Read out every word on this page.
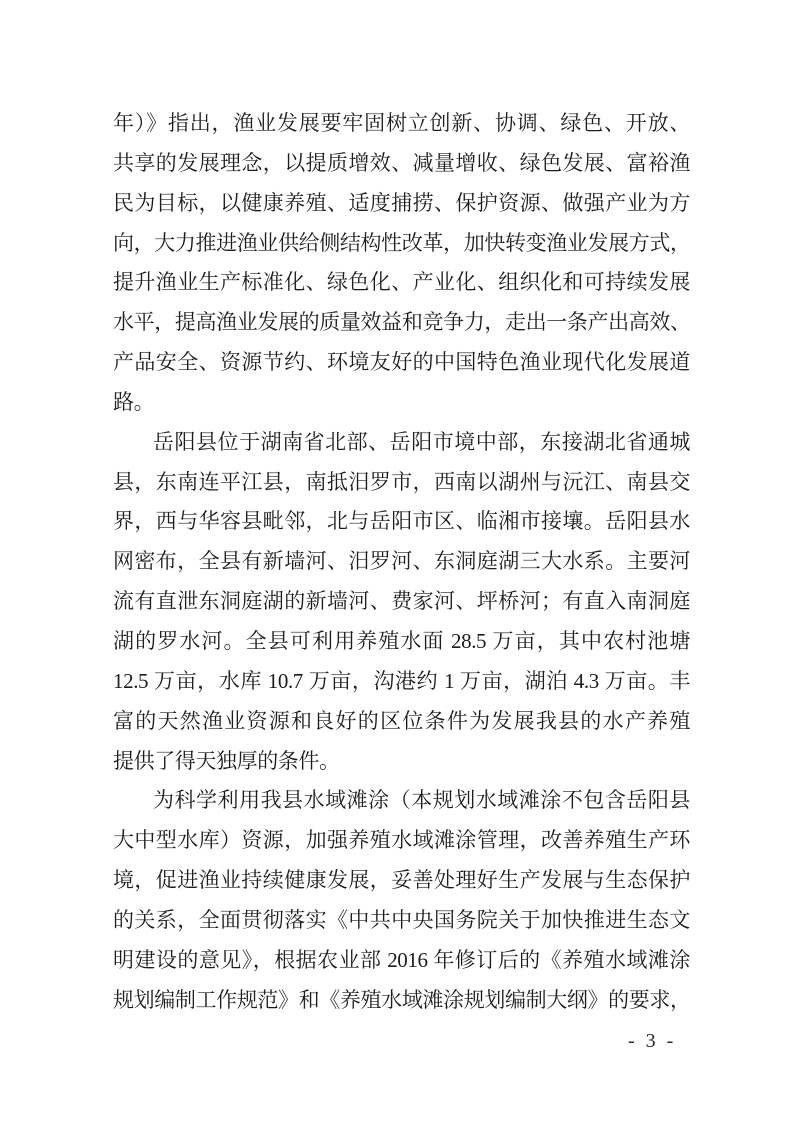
年）》指出，渔业发展要牢固树立创新、协调、绿色、开放、
共享的发展理念，以提质增效、减量增收、绿色发展、富裕渔
民为目标，以健康养殖、适度捕捞、保护资源、做强产业为方
向，大力推进渔业供给侧结构性改革，加快转变渔业发展方式，
提升渔业生产标准化、绿色化、产业化、组织化和可持续发展
水平，提高渔业发展的质量效益和竞争力，走出一条产出高效、
产品安全、资源节约、环境友好的中国特色渔业现代化发展道
路。
岳阳县位于湖南省北部、岳阳市境中部，东接湖北省通城
县，东南连平江县，南抵汨罗市，西南以湖州与沅江、南县交
界，西与华容县毗邻，北与岳阳市区、临湘市接壤。岳阳县水
网密布，全县有新墙河、汨罗河、东洞庭湖三大水系。主要河
流有直泄东洞庭湖的新墙河、费家河、坪桥河；有直入南洞庭
湖的罗水河。全县可利用养殖水面 28.5 万亩，其中农村池塘
12.5 万亩，水库 10.7 万亩，沟港约 1 万亩，湖泊 4.3 万亩。丰
富的天然渔业资源和良好的区位条件为发展我县的水产养殖
提供了得天独厚的条件。
为科学利用我县水域滩涂（本规划水域滩涂不包含岳阳县
大中型水库）资源，加强养殖水域滩涂管理，改善养殖生产环
境，促进渔业持续健康发展，妥善处理好生产发展与生态保护
的关系，全面贯彻落实《中共中央国务院关于加快推进生态文
明建设的意见》，根据农业部 2016 年修订后的《养殖水域滩涂
规划编制工作规范》和《养殖水域滩涂规划编制大纲》的要求，
- 3 -
